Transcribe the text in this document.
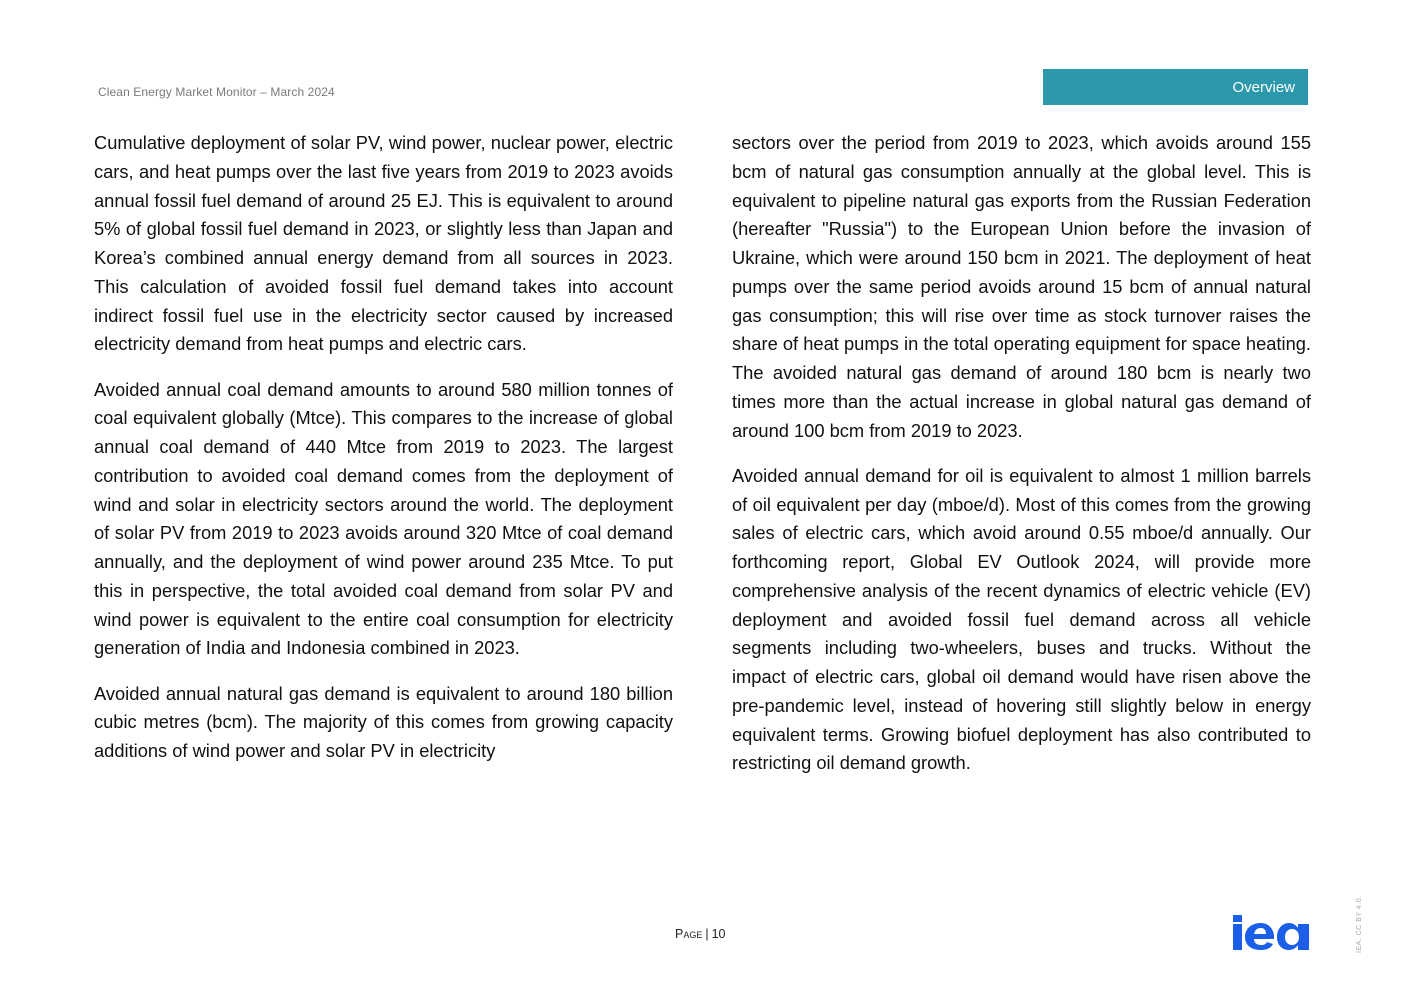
Clean Energy Market Monitor – March 2024	Overview

Cumulative deployment of solar PV, wind power, nuclear power, electric cars, and heat pumps over the last five years from 2019 to 2023 avoids annual fossil fuel demand of around 25 EJ. This is equivalent to around 5% of global fossil fuel demand in 2023, or slightly less than Japan and Korea’s combined annual energy demand from all sources in 2023. This calculation of avoided fossil fuel demand takes into account indirect fossil fuel use in the electricity sector caused by increased electricity demand from heat pumps and electric cars.

Avoided annual coal demand amounts to around 580 million tonnes of coal equivalent globally (Mtce). This compares to the increase of global annual coal demand of 440 Mtce from 2019 to 2023. The largest contribution to avoided coal demand comes from the deployment of wind and solar in electricity sectors around the world. The deployment of solar PV from 2019 to 2023 avoids around 320 Mtce of coal demand annually, and the deployment of wind power around 235 Mtce. To put this in perspective, the total avoided coal demand from solar PV and wind power is equivalent to the entire coal consumption for electricity generation of India and Indonesia combined in 2023.

Avoided annual natural gas demand is equivalent to around 180 billion cubic metres (bcm). The majority of this comes from growing capacity additions of wind power and solar PV in electricity

sectors over the period from 2019 to 2023, which avoids around 155 bcm of natural gas consumption annually at the global level. This is equivalent to pipeline natural gas exports from the Russian Federation (hereafter "Russia") to the European Union before the invasion of Ukraine, which were around 150 bcm in 2021. The deployment of heat pumps over the same period avoids around 15 bcm of annual natural gas consumption; this will rise over time as stock turnover raises the share of heat pumps in the total operating equipment for space heating. The avoided natural gas demand of around 180 bcm is nearly two times more than the actual increase in global natural gas demand of around 100 bcm from 2019 to 2023.

Avoided annual demand for oil is equivalent to almost 1 million barrels of oil equivalent per day (mboe/d). Most of this comes from the growing sales of electric cars, which avoid around 0.55 mboe/d annually. Our forthcoming report, Global EV Outlook 2024, will provide more comprehensive analysis of the recent dynamics of electric vehicle (EV) deployment and avoided fossil fuel demand across all vehicle segments including two-wheelers, buses and trucks. Without the impact of electric cars, global oil demand would have risen above the pre-pandemic level, instead of hovering still slightly below in energy equivalent terms. Growing biofuel deployment has also contributed to restricting oil demand growth.

Page | 10	IEA. CC BY 4.0.
